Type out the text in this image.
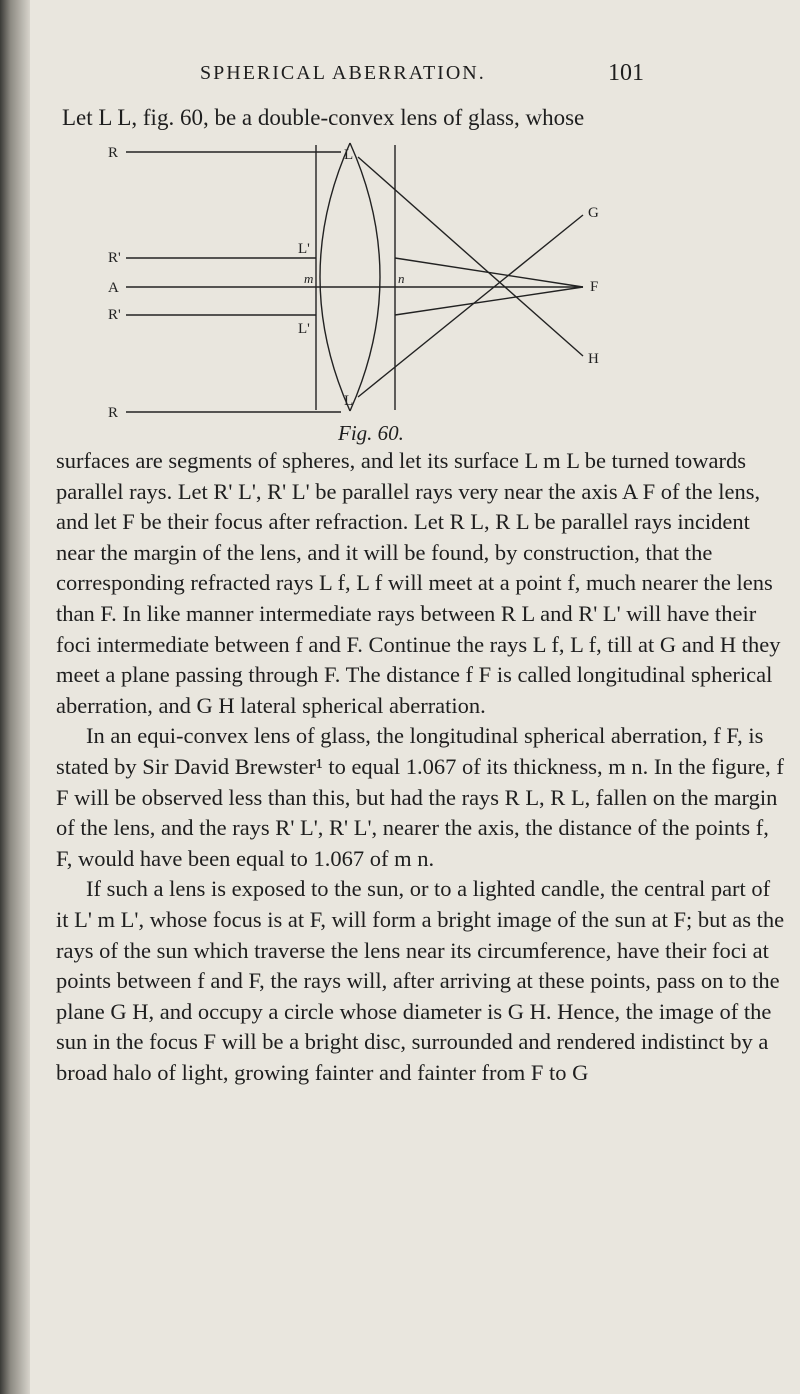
SPHERICAL ABERRATION.	101
Let L L, fig. 60, be a double-convex lens of glass, whose
R
R'
A
R'
R
L
L
L'
L'
m	n
G
F
H
Fig. 60.

surfaces are segments of spheres, and let its surface L m L be turned towards parallel rays. Let R' L', R' L' be parallel rays very near the axis A F of the lens, and let F be their focus after refraction. Let R L, R L be parallel rays incident near the margin of the lens, and it will be found, by construction, that the corresponding refracted rays L f, L f will meet at a point f, much nearer the lens than F. In like manner intermediate rays between R L and R' L' will have their foci intermediate between f and F. Continue the rays L f, L f, till at G and H they meet a plane passing through F. The distance f F is called longitudinal spherical aberration, and G H lateral spherical aberration.

In an equi-convex lens of glass, the longitudinal spherical aberration, f F, is stated by Sir David Brewster¹ to equal 1.067 of its thickness, m n. In the figure, f F will be observed less than this, but had the rays R L, R L, fallen on the margin of the lens, and the rays R' L', R' L', nearer the axis, the distance of the points f, F, would have been equal to 1.067 of m n.

If such a lens is exposed to the sun, or to a lighted candle, the central part of it L' m L', whose focus is at F, will form a bright image of the sun at F; but as the rays of the sun which traverse the lens near its circumference, have their foci at points between f and F, the rays will, after arriving at these points, pass on to the plane G H, and occupy a circle whose diameter is G H. Hence, the image of the sun in the focus F will be a bright disc, surrounded and rendered indistinct by a broad halo of light, growing fainter and fainter from F to G
